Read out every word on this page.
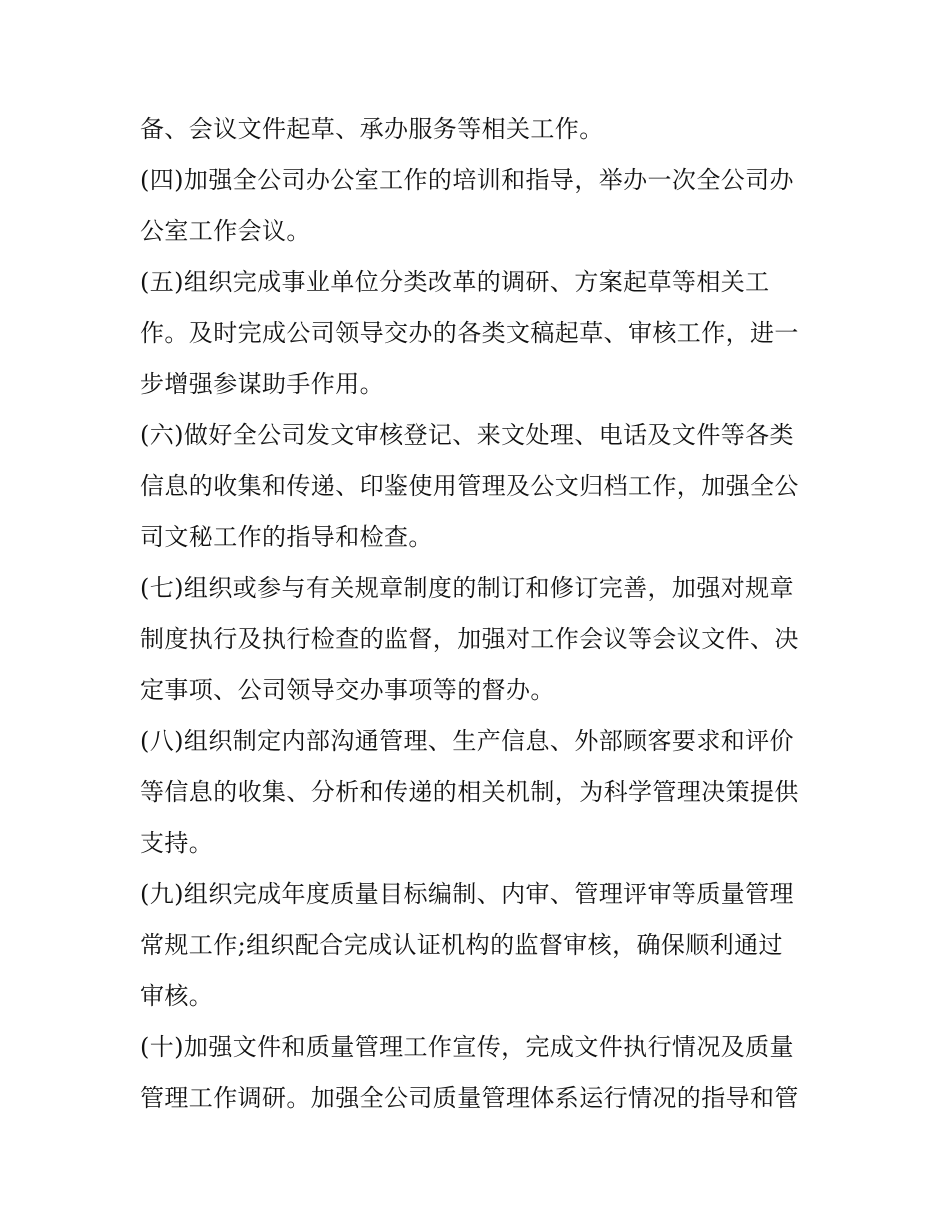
备、会议文件起草、承办服务等相关工作。
(四)加强全公司办公室工作的培训和指导，举办一次全公司办
公室工作会议。
(五)组织完成事业单位分类改革的调研、方案起草等相关工
作。及时完成公司领导交办的各类文稿起草、审核工作，进一
步增强参谋助手作用。
(六)做好全公司发文审核登记、来文处理、电话及文件等各类
信息的收集和传递、印鉴使用管理及公文归档工作，加强全公
司文秘工作的指导和检查。
(七)组织或参与有关规章制度的制订和修订完善，加强对规章
制度执行及执行检查的监督，加强对工作会议等会议文件、决
定事项、公司领导交办事项等的督办。
(八)组织制定内部沟通管理、生产信息、外部顾客要求和评价
等信息的收集、分析和传递的相关机制，为科学管理决策提供
支持。
(九)组织完成年度质量目标编制、内审、管理评审等质量管理
常规工作;组织配合完成认证机构的监督审核，确保顺利通过
审核。
(十)加强文件和质量管理工作宣传，完成文件执行情况及质量
管理工作调研。加强全公司质量管理体系运行情况的指导和管
